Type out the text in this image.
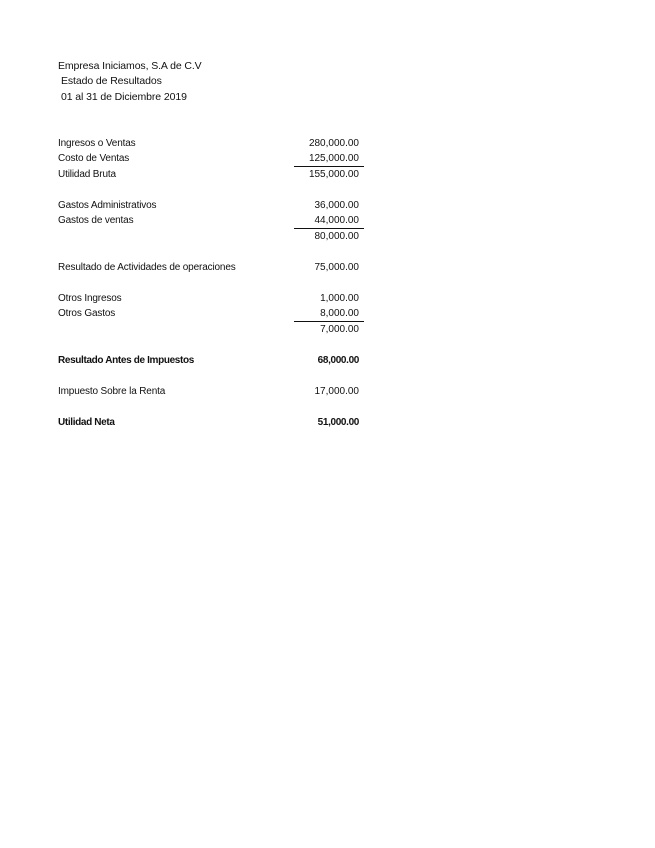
Empresa Iniciamos, S.A de C.V
Estado de Resultados
01 al 31 de Diciembre 2019
Ingresos o Ventas	280,000.00
Costo de Ventas	125,000.00
Utilidad Bruta	155,000.00
Gastos Administrativos	36,000.00
Gastos de ventas	44,000.00
80,000.00
Resultado de Actividades de operaciones	75,000.00
Otros Ingresos	1,000.00
Otros Gastos	8,000.00
7,000.00
Resultado Antes de Impuestos	68,000.00
Impuesto Sobre la Renta	17,000.00
Utilidad Neta	51,000.00
